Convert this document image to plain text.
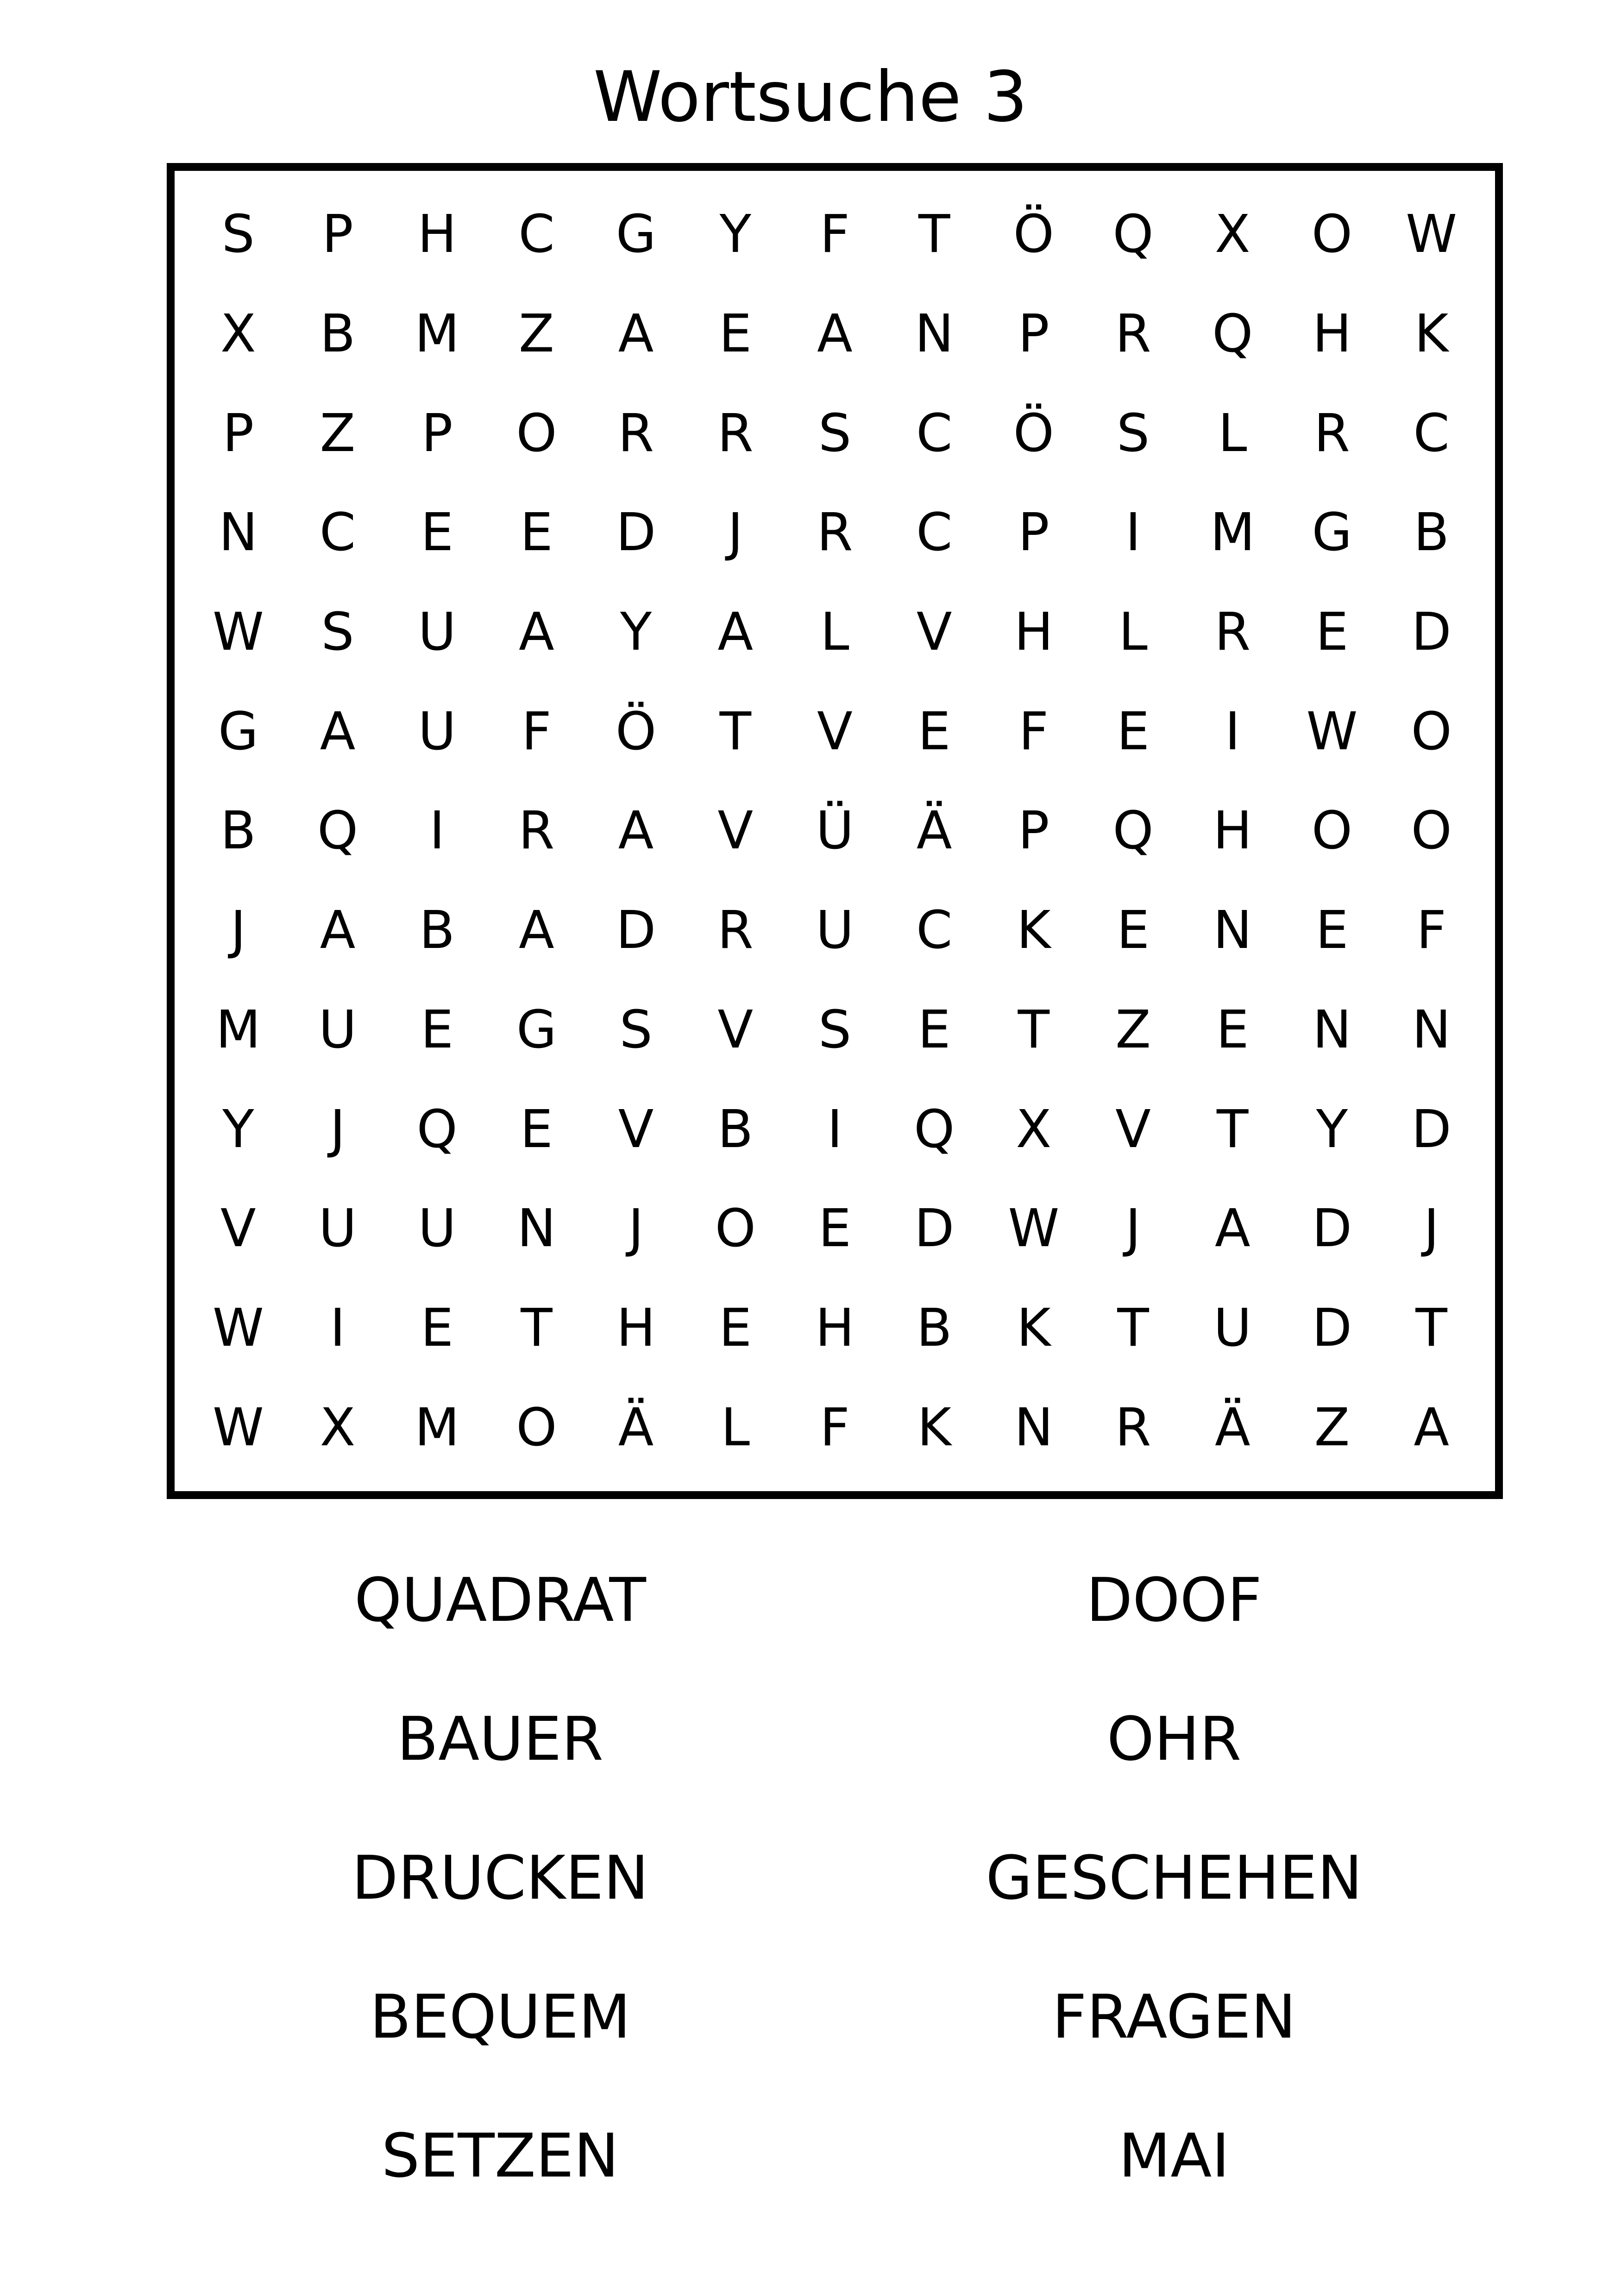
Wortsuche 3
S	P	H	C	G	Y	F	T	Ö	Q	X	O	W
X	B	M	Z	A	E	A	N	P	R	Q	H	K
P	Z	P	O	R	R	S	C	Ö	S	L	R	C
N	C	E	E	D	J	R	C	P	I	M	G	B
W	S	U	A	Y	A	L	V	H	L	R	E	D
G	A	U	F	Ö	T	V	E	F	E	I	W	O
B	Q	I	R	A	V	Ü	Ä	P	Q	H	O	O
J	A	B	A	D	R	U	C	K	E	N	E	F
M	U	E	G	S	V	S	E	T	Z	E	N	N
Y	J	Q	E	V	B	I	Q	X	V	T	Y	D
V	U	U	N	J	O	E	D	W	J	A	D	J
W	I	E	T	H	E	H	B	K	T	U	D	T
W	X	M	O	Ä	L	F	K	N	R	Ä	Z	A
QUADRAT
BAUER
DRUCKEN
BEQUEM
SETZEN
DOOF
OHR
GESCHEHEN
FRAGEN
MAI
